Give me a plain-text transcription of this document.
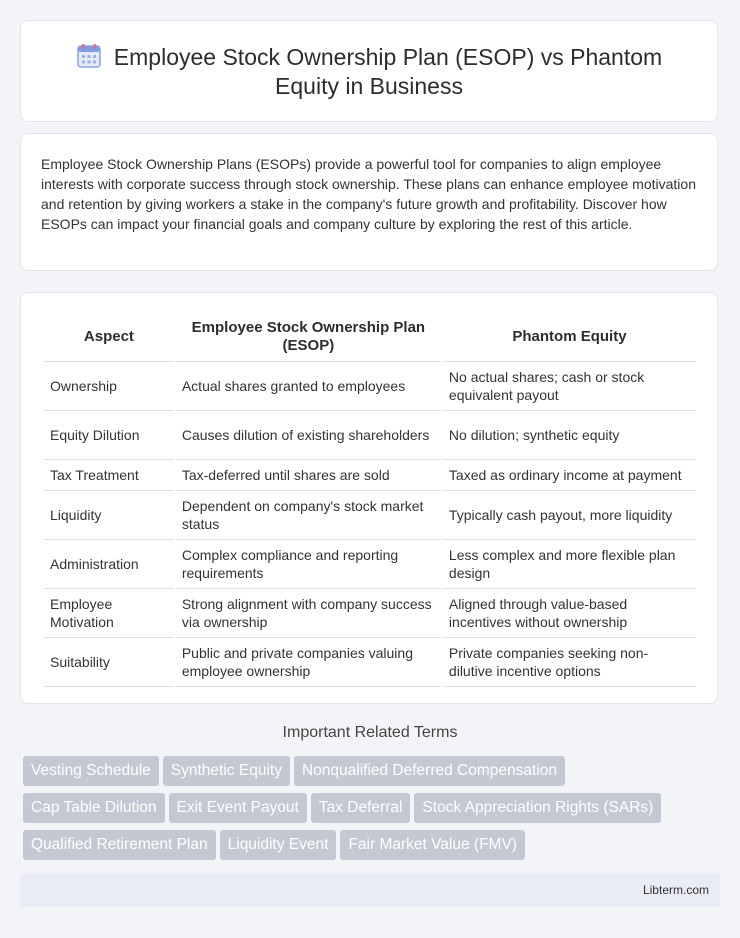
Employee Stock Ownership Plan (ESOP) vs Phantom
Equity in Business
Employee Stock Ownership Plans (ESOPs) provide a powerful tool for companies to align employee interests with corporate success through stock ownership. These plans can enhance employee motivation and retention by giving workers a stake in the company's future growth and profitability. Discover how ESOPs can impact your financial goals and company culture by exploring the rest of this article.
Aspect	Employee Stock Ownership Plan (ESOP)	Phantom Equity
Ownership	Actual shares granted to employees	No actual shares; cash or stock equivalent payout
Equity Dilution	Causes dilution of existing shareholders	No dilution; synthetic equity
Tax Treatment	Tax-deferred until shares are sold	Taxed as ordinary income at payment
Liquidity	Dependent on company's stock market status	Typically cash payout, more liquidity
Administration	Complex compliance and reporting requirements	Less complex and more flexible plan design
Employee Motivation	Strong alignment with company success via ownership	Aligned through value-based incentives without ownership
Suitability	Public and private companies valuing employee ownership	Private companies seeking non-dilutive incentive options
Important Related Terms
Vesting Schedule Synthetic Equity Nonqualified Deferred Compensation
Cap Table Dilution Exit Event Payout Tax Deferral Stock Appreciation Rights (SARs)
Qualified Retirement Plan Liquidity Event Fair Market Value (FMV)
Libterm.com
